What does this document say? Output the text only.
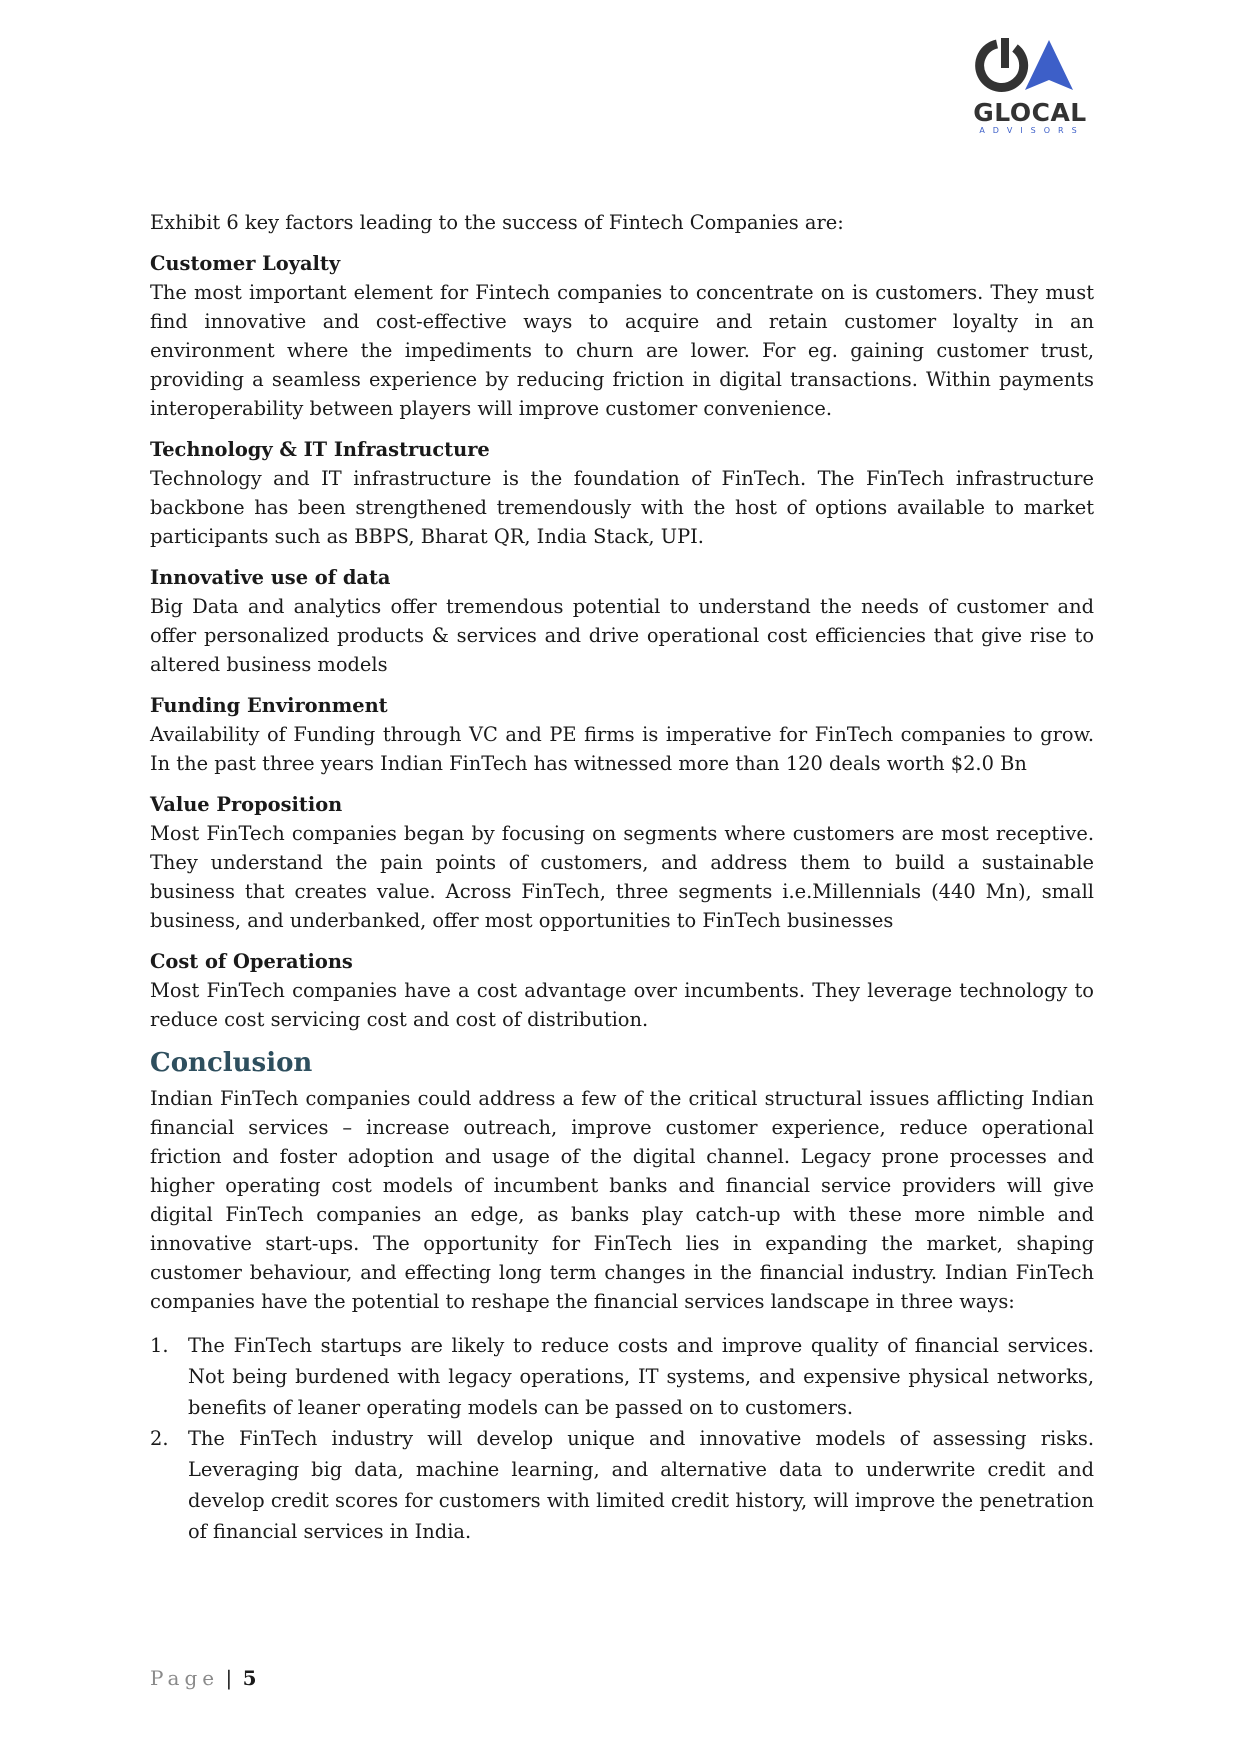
GLOCAL
ADVISORS

Exhibit 6 key factors leading to the success of Fintech Companies are:

Customer Loyalty
The most important element for Fintech companies to concentrate on is customers. They must find innovative and cost-effective ways to acquire and retain customer loyalty in an environment where the impediments to churn are lower. For eg. gaining customer trust, providing a seamless experience by reducing friction in digital transactions. Within payments interoperability between players will improve customer convenience.
Technology & IT Infrastructure
Technology and IT infrastructure is the foundation of FinTech. The FinTech infrastructure backbone has been strengthened tremendously with the host of options available to market participants such as BBPS, Bharat QR, India Stack, UPI.
Innovative use of data
Big Data and analytics offer tremendous potential to understand the needs of customer and offer personalized products & services and drive operational cost efficiencies that give rise to altered business models
Funding Environment
Availability of Funding through VC and PE firms is imperative for FinTech companies to grow. In the past three years Indian FinTech has witnessed more than 120 deals worth $2.0 Bn
Value Proposition
Most FinTech companies began by focusing on segments where customers are most receptive. They understand the pain points of customers, and address them to build a sustainable business that creates value. Across FinTech, three segments i.e.Millennials (440 Mn), small business, and underbanked, offer most opportunities to FinTech businesses
Cost of Operations
Most FinTech companies have a cost advantage over incumbents. They leverage technology to reduce cost servicing cost and cost of distribution.
Conclusion

Indian FinTech companies could address a few of the critical structural issues afflicting Indian financial services – increase outreach, improve customer experience, reduce operational friction and foster adoption and usage of the digital channel. Legacy prone processes and higher operating cost models of incumbent banks and financial service providers will give digital FinTech companies an edge, as banks play catch-up with these more nimble and innovative start-ups. The opportunity for FinTech lies in expanding the market, shaping customer behaviour, and effecting long term changes in the financial industry. Indian FinTech companies have the potential to reshape the financial services landscape in three ways:

1. The FinTech startups are likely to reduce costs and improve quality of financial services. Not being burdened with legacy operations, IT systems, and expensive physical networks, benefits of leaner operating models can be passed on to customers.
2. The FinTech industry will develop unique and innovative models of assessing risks. Leveraging big data, machine learning, and alternative data to underwrite credit and develop credit scores for customers with limited credit history, will improve the penetration of financial services in India.
Page | 5
